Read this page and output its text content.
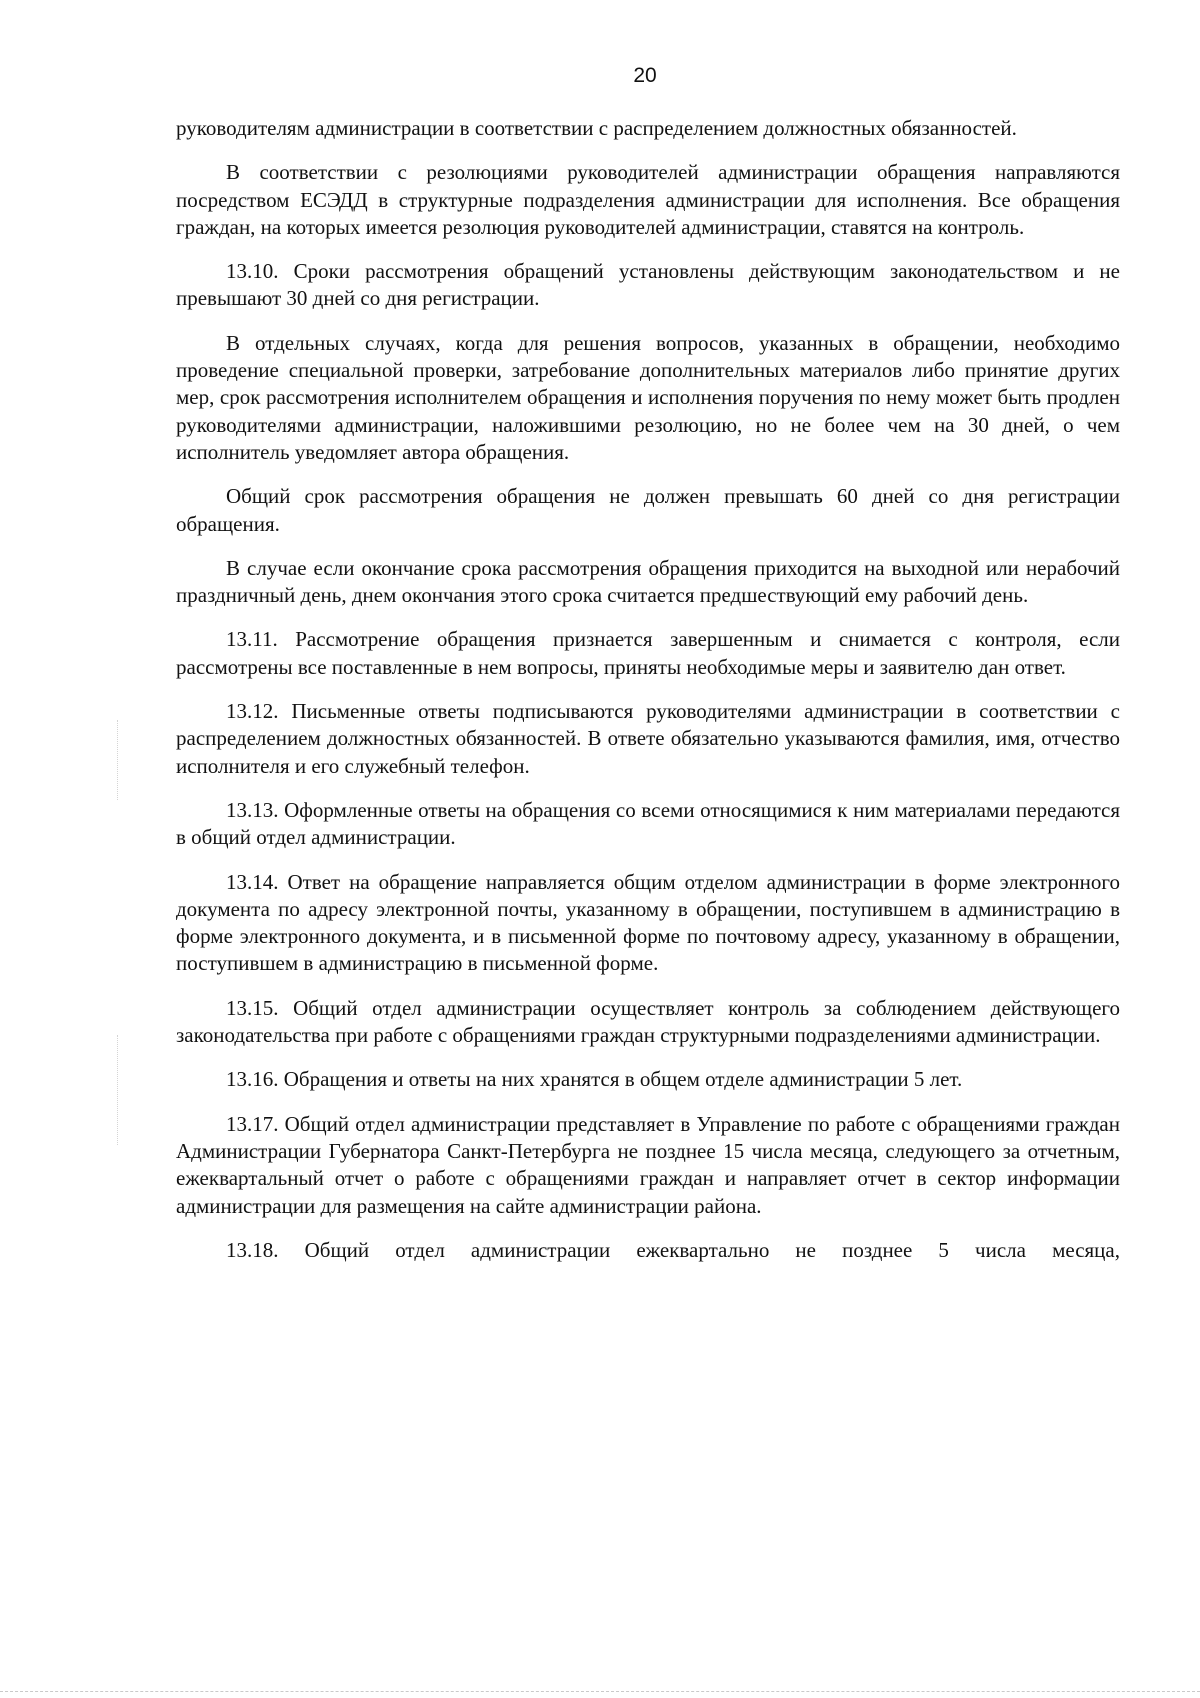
20

руководителям администрации в соответствии с распределением должностных обязанностей.

В соответствии с резолюциями руководителей администрации обращения направляются посредством ЕСЭДД в структурные подразделения администрации для исполнения. Все обращения граждан, на которых имеется резолюция руководителей администрации, ставятся на контроль.

13.10. Сроки рассмотрения обращений установлены действующим законодательством и не превышают 30 дней со дня регистрации.

В отдельных случаях, когда для решения вопросов, указанных в обращении, необходимо проведение специальной проверки, затребование дополнительных материалов либо принятие других мер, срок рассмотрения исполнителем обращения и исполнения поручения по нему может быть продлен руководителями администрации, наложившими резолюцию, но не более чем на 30 дней, о чем исполнитель уведомляет автора обращения.

Общий срок рассмотрения обращения не должен превышать 60 дней со дня регистрации обращения.

В случае если окончание срока рассмотрения обращения приходится на выходной или нерабочий праздничный день, днем окончания этого срока считается предшествующий ему рабочий день.

13.11. Рассмотрение обращения признается завершенным и снимается с контроля, если рассмотрены все поставленные в нем вопросы, приняты необходимые меры и заявителю дан ответ.

13.12. Письменные ответы подписываются руководителями администрации в соответствии с распределением должностных обязанностей. В ответе обязательно указываются фамилия, имя, отчество исполнителя и его служебный телефон.

13.13. Оформленные ответы на обращения со всеми относящимися к ним материалами передаются в общий отдел администрации.

13.14. Ответ на обращение направляется общим отделом администрации в форме электронного документа по адресу электронной почты, указанному в обращении, поступившем в администрацию в форме электронного документа, и в письменной форме по почтовому адресу, указанному в обращении, поступившем в администрацию в письменной форме.

13.15. Общий отдел администрации осуществляет контроль за соблюдением действующего законодательства при работе с обращениями граждан структурными подразделениями администрации.

13.16. Обращения и ответы на них хранятся в общем отделе администрации 5 лет.

13.17. Общий отдел администрации представляет в Управление по работе с обращениями граждан Администрации Губернатора Санкт-Петербурга не позднее 15 числа месяца, следующего за отчетным, ежеквартальный отчет о работе с обращениями граждан и направляет отчет в сектор информации администрации для размещения на сайте администрации района.

13.18. Общий отдел администрации ежеквартально не позднее 5 числа месяца,
